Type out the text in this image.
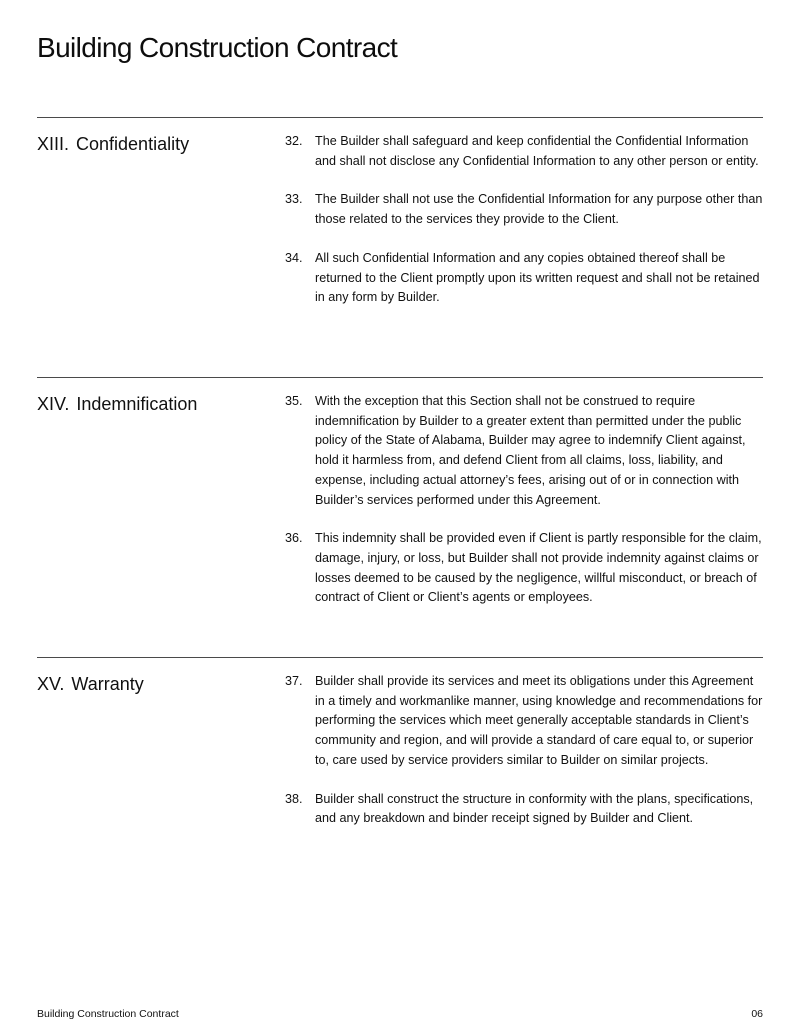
Building Construction Contract
XIII. Confidentiality	32. The Builder shall safeguard and keep confidential the Confidential Information and shall not disclose any Confidential Information to any other person or entity.
33. The Builder shall not use the Confidential Information for any purpose other than those related to the services they provide to the Client.
34. All such Confidential Information and any copies obtained thereof shall be returned to the Client promptly upon its written request and shall not be retained in any form by Builder.
XIV. Indemnification	35. With the exception that this Section shall not be construed to require indemnification by Builder to a greater extent than permitted under the public policy of the State of Alabama, Builder may agree to indemnify Client against, hold it harmless from, and defend Client from all claims, loss, liability, and expense, including actual attorney’s fees, arising out of or in connection with Builder’s services performed under this Agreement.
36. This indemnity shall be provided even if Client is partly responsible for the claim, damage, injury, or loss, but Builder shall not provide indemnity against claims or losses deemed to be caused by the negligence, willful misconduct, or breach of contract of Client or Client’s agents or employees.
XV. Warranty	37. Builder shall provide its services and meet its obligations under this Agreement in a timely and workmanlike manner, using knowledge and recommendations for performing the services which meet generally acceptable standards in Client’s community and region, and will provide a standard of care equal to, or superior to, care used by service providers similar to Builder on similar projects.
38. Builder shall construct the structure in conformity with the plans, specifications, and any breakdown and binder receipt signed by Builder and Client.
Building Construction Contract	06
